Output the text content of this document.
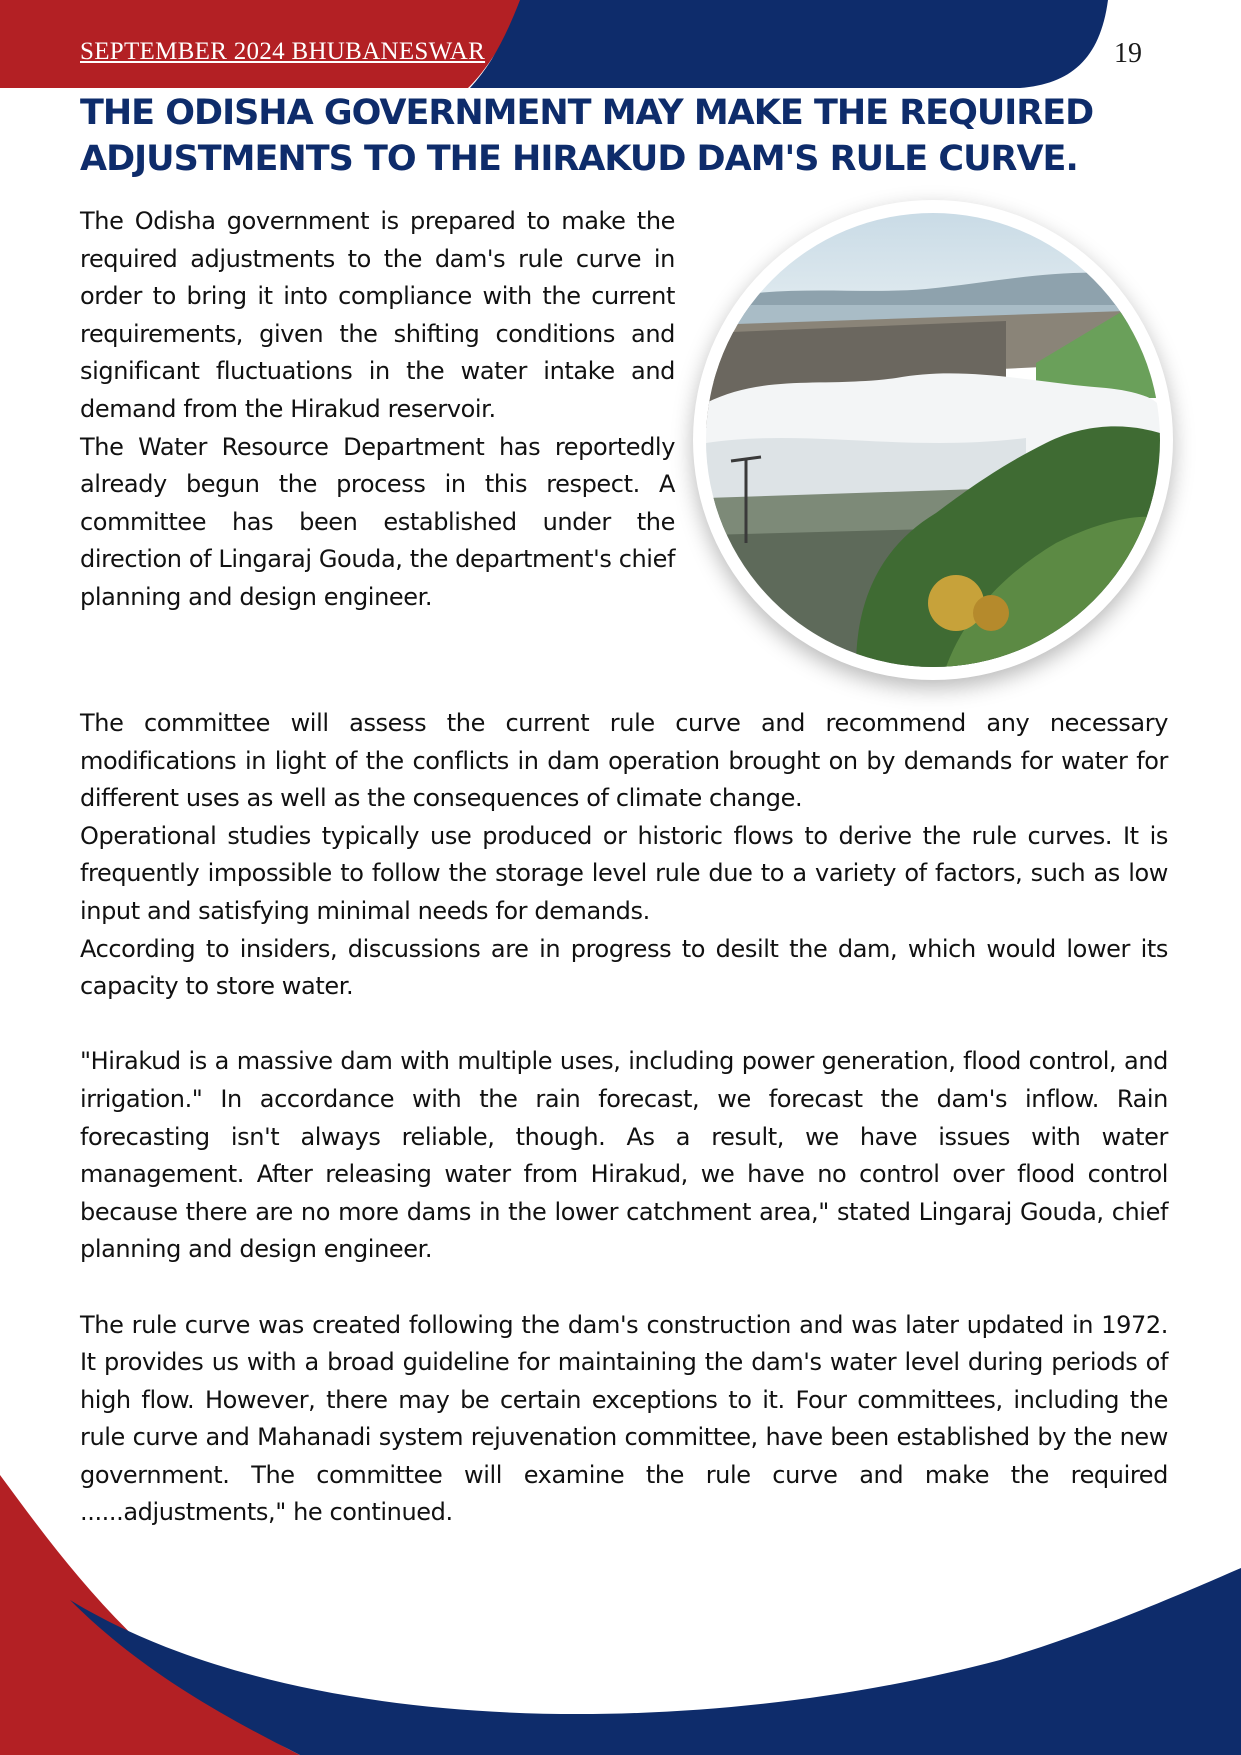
SEPTEMBER 2024 BHUBANESWAR	19
THE ODISHA GOVERNMENT MAY MAKE THE REQUIRED ADJUSTMENTS TO THE HIRAKUD DAM'S RULE CURVE.

The Odisha government is prepared to make the required adjustments to the dam's rule curve in order to bring it into compliance with the current requirements, given the shifting conditions and significant fluctuations in the water intake and demand from the Hirakud reservoir.

The Water Resource Department has reportedly already begun the process in this respect. A committee has been established under the direction of Lingaraj Gouda, the department's chief planning and design engineer.

The committee will assess the current rule curve and recommend any necessary modifications in light of the conflicts in dam operation brought on by demands for water for different uses as well as the consequences of climate change.

Operational studies typically use produced or historic flows to derive the rule curves. It is frequently impossible to follow the storage level rule due to a variety of factors, such as low input and satisfying minimal needs for demands.

According to insiders, discussions are in progress to desilt the dam, which would lower its capacity to store water.

"Hirakud is a massive dam with multiple uses, including power generation, flood control, and irrigation." In accordance with the rain forecast, we forecast the dam's inflow. Rain forecasting isn't always reliable, though. As a result, we have issues with water management. After releasing water from Hirakud, we have no control over flood control because there are no more dams in the lower catchment area," stated Lingaraj Gouda, chief planning and design engineer.

The rule curve was created following the dam's construction and was later updated in 1972. It provides us with a broad guideline for maintaining the dam's water level during periods of high flow. However, there may be certain exceptions to it. Four committees, including the rule curve and Mahanadi system rejuvenation committee, have been established by the new government. The committee will examine the rule curve and make the required ......adjustments," he continued.
